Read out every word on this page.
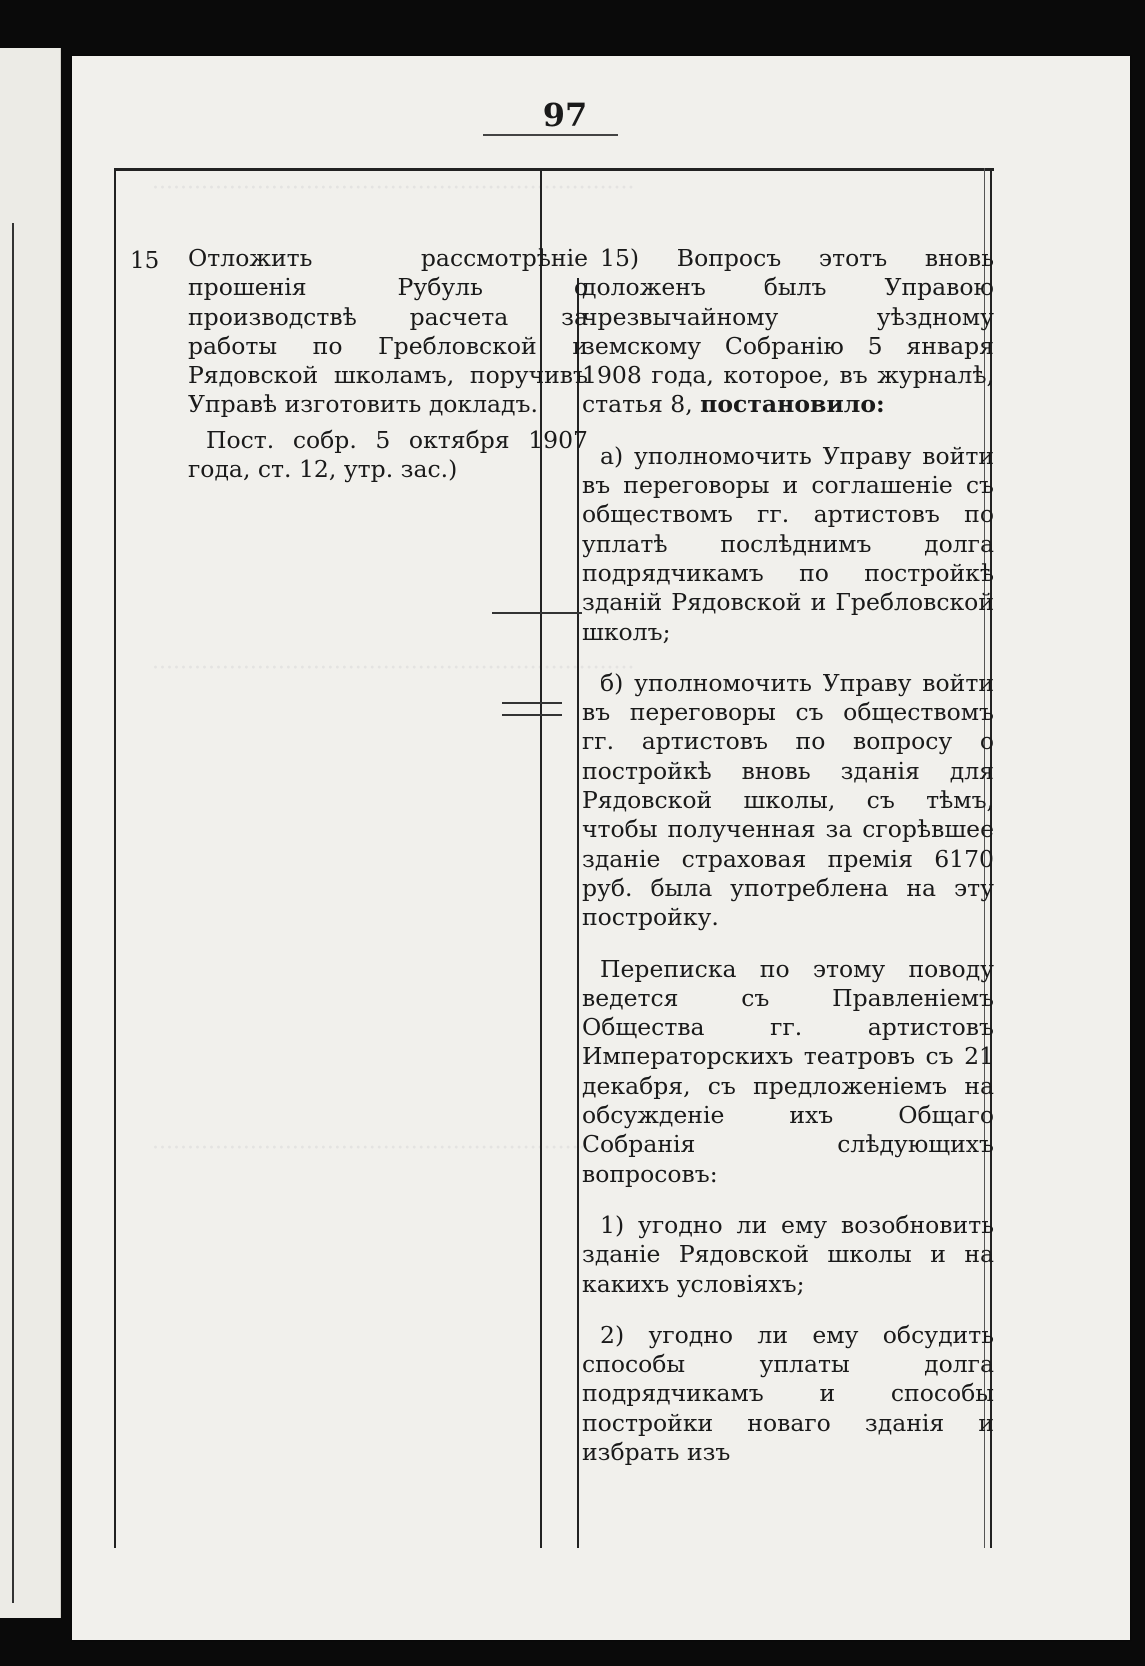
·····································································
·····································································
·····································································
97
15 Отложить рассмотрѣніе прошенія Рубуль о производствѣ расчета за работы по Гребловской и Рядовской школамъ, поручивъ Управѣ изготовить докладъ.

Пост. собр. 5 октября 1907 года, ст. 12, утр. зас.)

15) Вопросъ этотъ вновь доложенъ былъ Управою чрезвычайному уѣздному земскому Собранію 5 января 1908 года, которое, въ журналѣ, статья 8, постановило:

а) уполномочить Управу войти въ переговоры и соглашеніе съ обществомъ гг. артистовъ по уплатѣ послѣднимъ долга подрядчикамъ по постройкѣ зданій Рядовской и Гребловской школъ;

б) уполномочить Управу войти въ переговоры съ обществомъ гг. артистовъ по вопросу о постройкѣ вновь зданія для Рядовской школы, съ тѣмъ, чтобы полученная за сгорѣвшее зданіе страховая премія 6170 руб. была употреблена на эту постройку.

Переписка по этому поводу ведется съ Правленіемъ Общества гг. артистовъ Императорскихъ театровъ съ 21 декабря, съ предложеніемъ на обсужденіе ихъ Общаго Собранія слѣдующихъ вопросовъ:

1) угодно ли ему возобновить зданіе Рядовской школы и на какихъ условіяхъ;

2) угодно ли ему обсудить способы уплаты долга подрядчикамъ и способы постройки новаго зданія и избрать изъ
